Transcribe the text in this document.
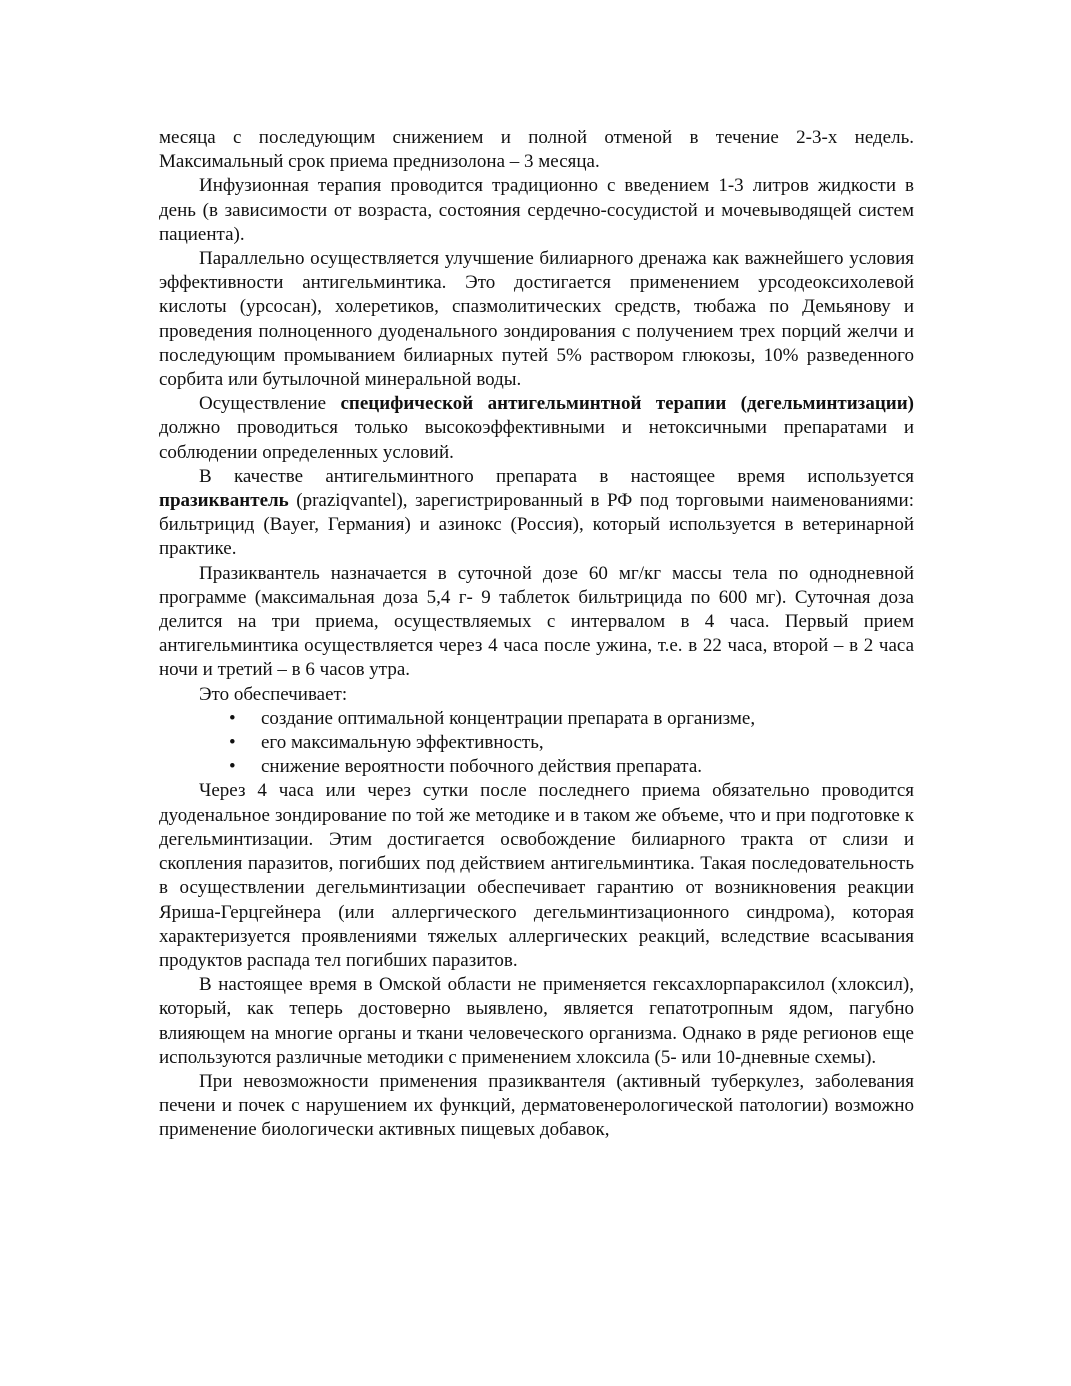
месяца с последующим снижением и полной отменой в течение 2-3-х недель. Максимальный срок приема преднизолона – 3 месяца.

Инфузионная терапия проводится традиционно с введением 1-3 литров жидкости в день (в зависимости от возраста, состояния сердечно-сосудистой и мочевыводящей систем пациента).

Параллельно осуществляется улучшение билиарного дренажа как важнейшего условия эффективности антигельминтика. Это достигается применением урсодеоксихолевой кислоты (урсосан), холеретиков, спазмолитических средств, тюбажа по Демьянову и проведения полноценного дуоденального зондирования с получением трех порций желчи и последующим промыванием билиарных путей 5% раствором глюкозы, 10% разведенного сорбита или бутылочной минеральной воды.

Осуществление специфической антигельминтной терапии (дегельминтизации) должно проводиться только высокоэффективными и нетоксичными препаратами и соблюдении определенных условий.

В качестве антигельминтного препарата в настоящее время используется празиквантель (praziqvantel), зарегистрированный в РФ под торговыми наименованиями: бильтрицид (Bayer, Германия) и азинокс (Россия), который используется в ветеринарной практике.

Празиквантель назначается в суточной дозе 60 мг/кг массы тела по однодневной программе (максимальная доза 5,4 г- 9 таблеток бильтрицида по 600 мг). Суточная доза делится на три приема, осуществляемых с интервалом в 4 часа. Первый прием антигельминтика осуществляется через 4 часа после ужина, т.е. в 22 часа, второй – в 2 часа ночи и третий – в 6 часов утра.

Это обеспечивает:

• создание оптимальной концентрации препарата в организме,
• его максимальную эффективность,
• снижение вероятности побочного действия препарата.

Через 4 часа или через сутки после последнего приема обязательно проводится дуоденальное зондирование по той же методике и в таком же объеме, что и при подготовке к дегельминтизации. Этим достигается освобождение билиарного тракта от слизи и скопления паразитов, погибших под действием антигельминтика. Такая последовательность в осуществлении дегельминтизации обеспечивает гарантию от возникновения реакции Яриша-Герцгейнера (или аллергического дегельминтизационного синдрома), которая характеризуется проявлениями тяжелых аллергических реакций, вследствие всасывания продуктов распада тел погибших паразитов.

В настоящее время в Омской области не применяется гексахлорпараксилол (хлоксил), который, как теперь достоверно выявлено, является гепатотропным ядом, пагубно влияющем на многие органы и ткани человеческого организма. Однако в ряде регионов еще используются различные методики с применением хлоксила (5- или 10-дневные схемы).

При невозможности применения празиквантеля (активный туберкулез, заболевания печени и почек с нарушением их функций, дерматовенерологической патологии) возможно применение биологически активных пищевых добавок,
